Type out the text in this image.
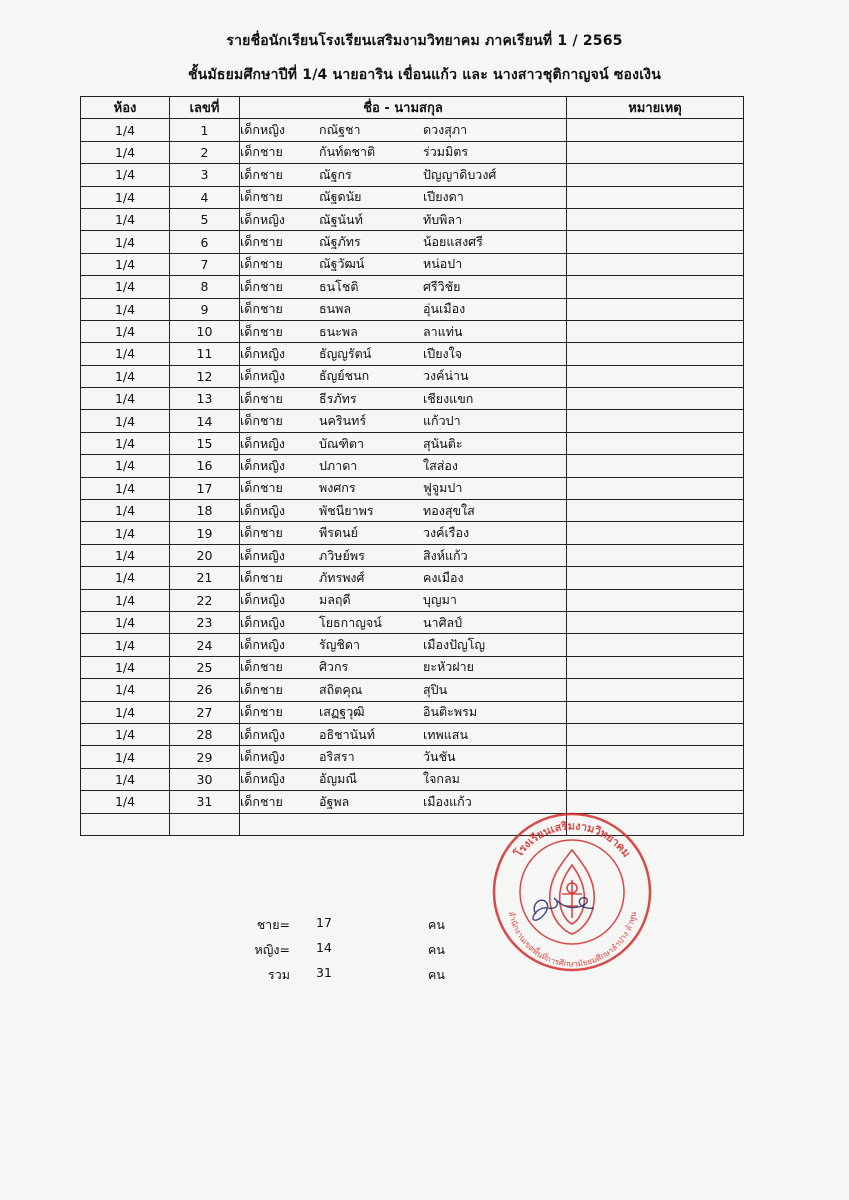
รายชื่อนักเรียนโรงเรียนเสริมงามวิทยาคม ภาคเรียนที่ 1 / 2565
ชั้นมัธยมศึกษาปีที่ 1/4 นายอาริน เขื่อนแก้ว และ นางสาวชุติกาญจน์ ซองเงิน
ห้อง	เลขที่	ชื่อ - นามสกุล	หมายเหตุ
1/4	1	เด็กหญิง กณัฐชา ดวงสุภา	
1/4	2	เด็กชาย กันท์ตชาติ ร่วมมิตร	
1/4	3	เด็กชาย ณัฐกร ปัญญาดิบวงศ์	
1/4	4	เด็กชาย ณัฐดนัย เปียงดา	
1/4	5	เด็กหญิง ณัฐนันท์ ทับพิลา	
1/4	6	เด็กชาย ณัฐภัทร น้อยแสงศรี	
1/4	7	เด็กชาย ณัฐวัฒน์ หน่อปา	
1/4	8	เด็กชาย ธนโชติ ศรีวิชัย	
1/4	9	เด็กชาย ธนพล อุ่นเมือง	
1/4	10	เด็กชาย ธนะพล ลาแท่น	
1/4	11	เด็กหญิง ธัญญรัตน์ เปียงใจ	
1/4	12	เด็กหญิง ธัญย์ชนก วงค์น่าน	
1/4	13	เด็กชาย ธีรภัทร เชียงแขก	
1/4	14	เด็กชาย นครินทร์ แก้วปา	
1/4	15	เด็กหญิง บัณฑิตา สุนันติะ	
1/4	16	เด็กหญิง ปภาดา ใสส่อง	
1/4	17	เด็กชาย พงศกร ฟูจูมปา	
1/4	18	เด็กหญิง พัชนียาพร ทองสุขใส	
1/4	19	เด็กชาย พีรดนย์ วงค์เรือง	
1/4	20	เด็กหญิง ภวิษย์พร สิงห์แก้ว	
1/4	21	เด็กชาย ภัทรพงศ์ คงเมือง	
1/4	22	เด็กหญิง มลฤดี บุญมา	
1/4	23	เด็กหญิง โยธกาญจน์ นาศิลป์	
1/4	24	เด็กหญิง รัญชิดา เมืองปัญโญ	
1/4	25	เด็กชาย ศิวกร ยะหัวฝาย	
1/4	26	เด็กชาย สถิตคุณ สุปิน	
1/4	27	เด็กชาย เสฏฐวุฒิ อินติะพรม	
1/4	28	เด็กหญิง อธิชานันท์ เทพแสน	
1/4	29	เด็กหญิง อริสรา วันชัน	
1/4	30	เด็กหญิง อัญมณี ใจกลม	
1/4	31	เด็กชาย อัฐพล เมืองแก้ว	

ชาย= 17	คน
หญิง= 14	คน
รวม 31	คน
โรงเรียนเสริมงามวิทยาคม
สำนักงานเขตพื้นที่การศึกษามัธยมศึกษาลำปาง ลำพูน
